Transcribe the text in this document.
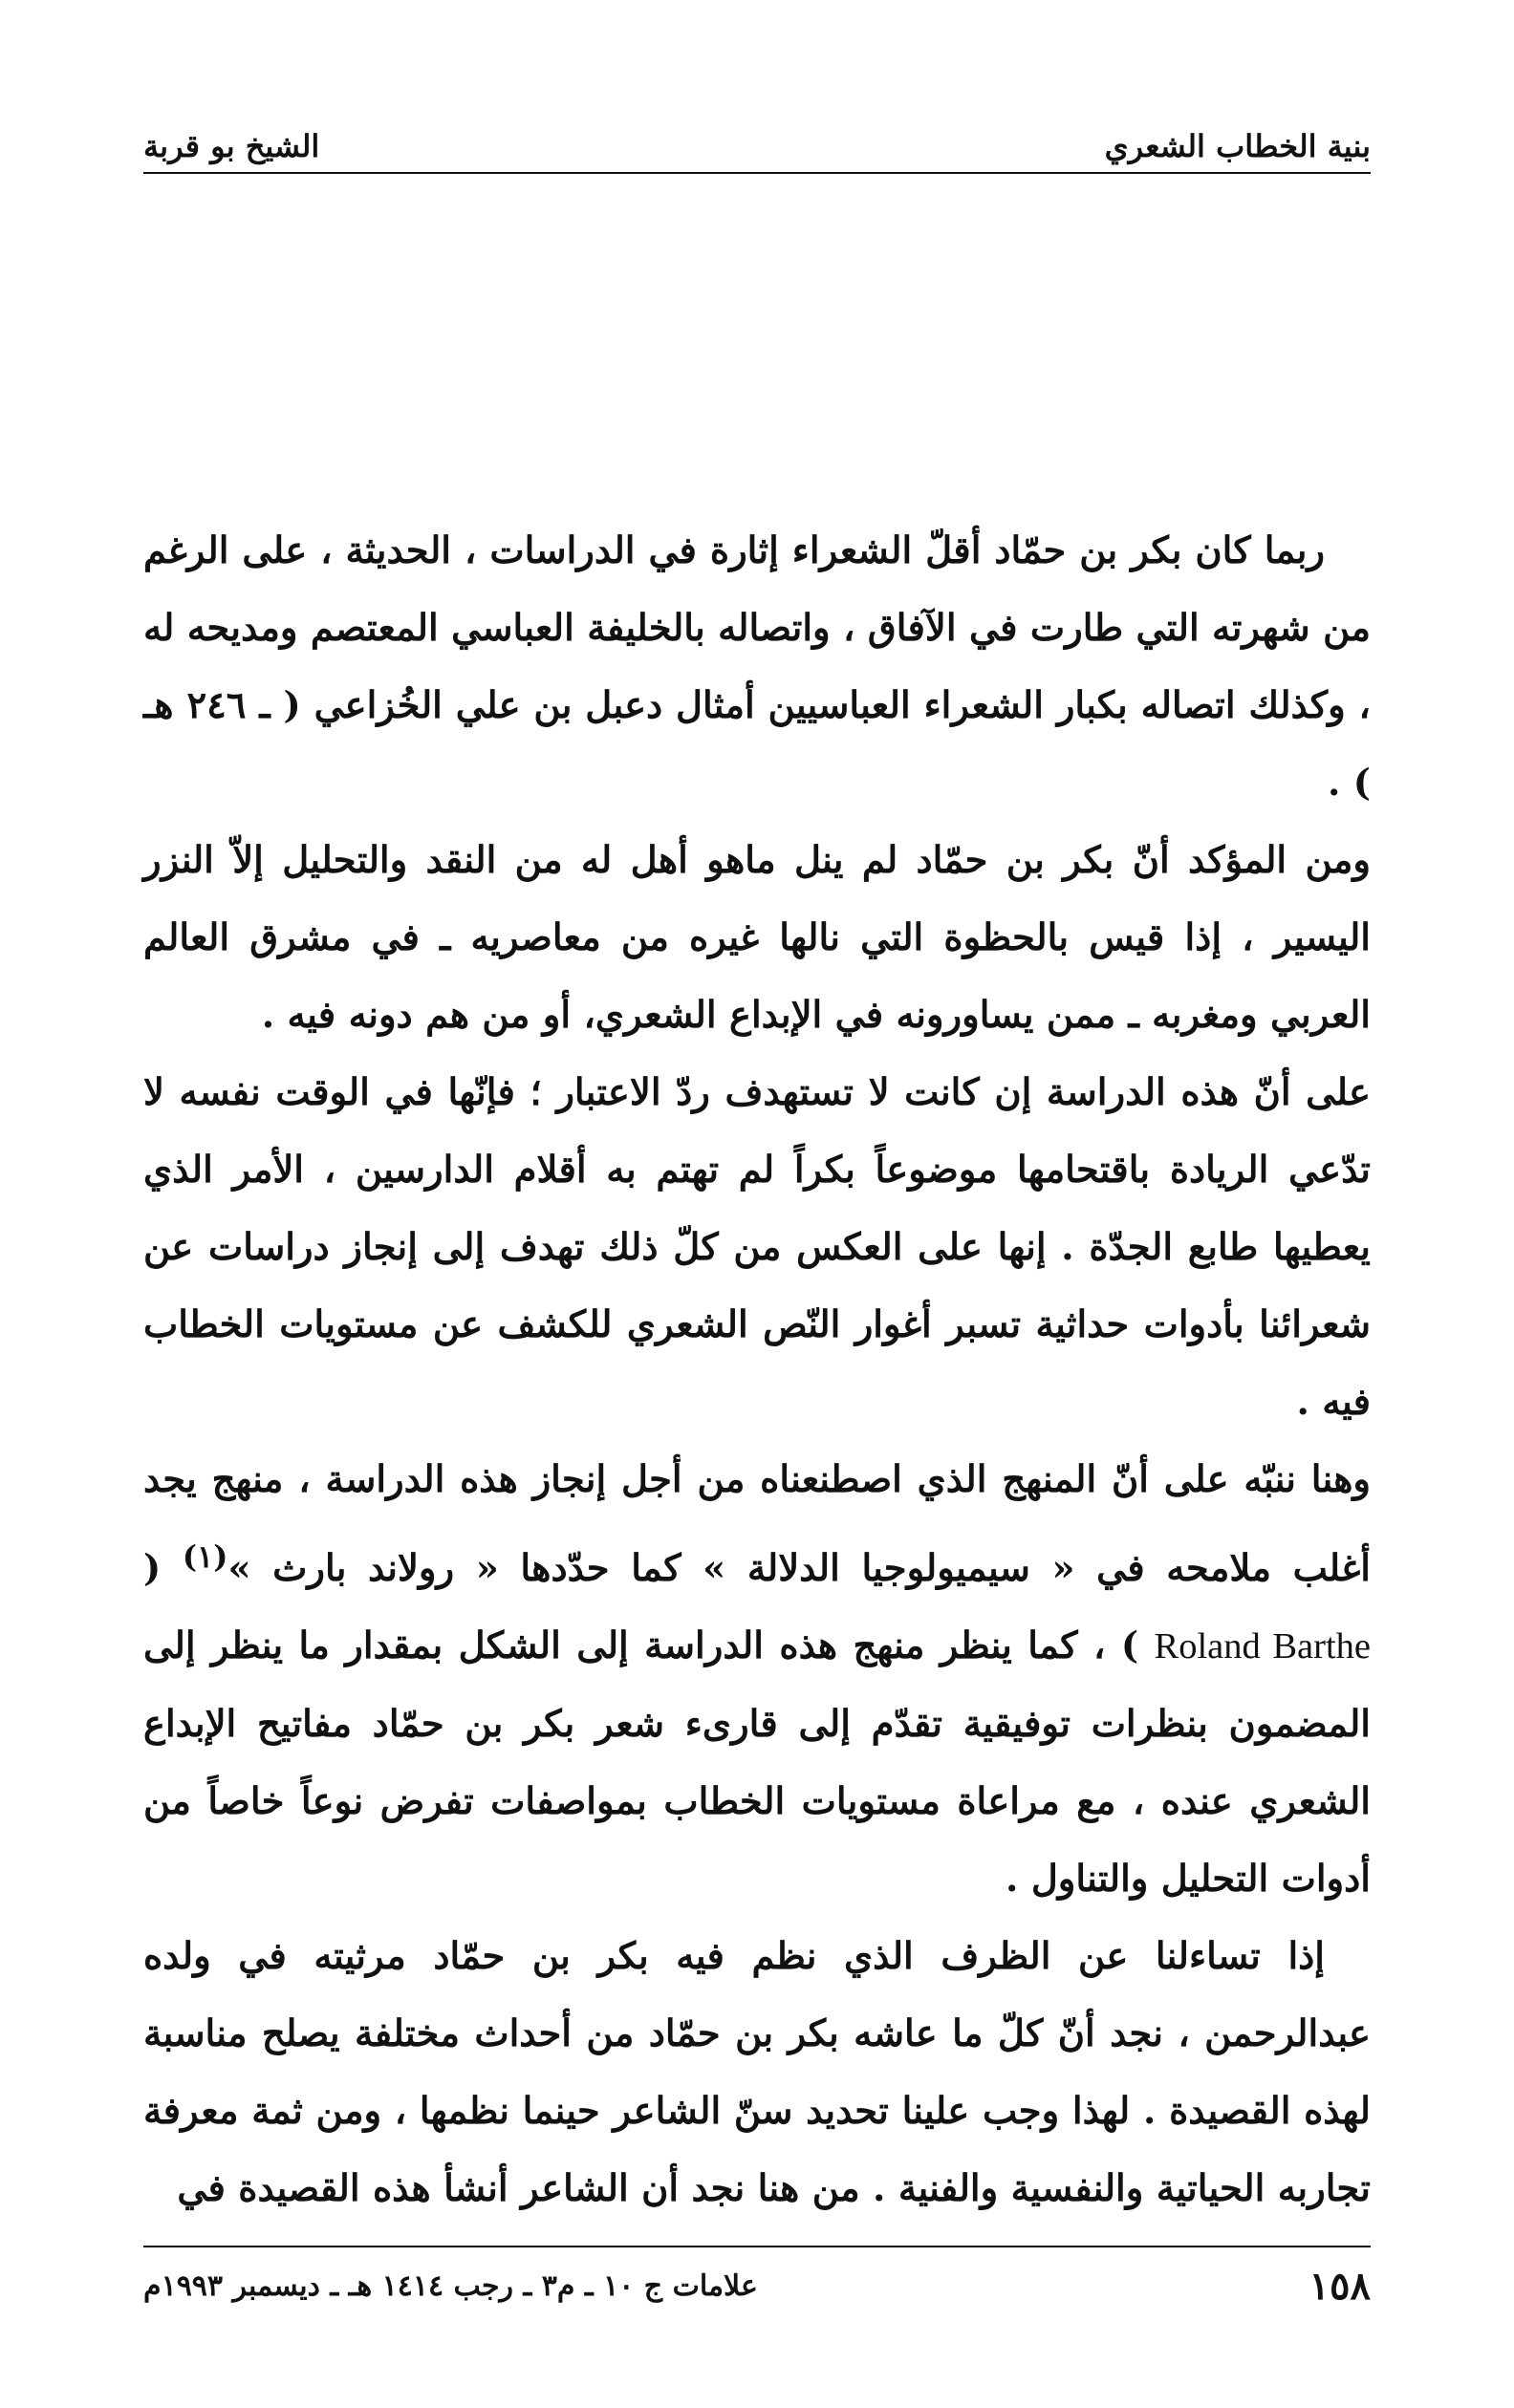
بنية الخطاب الشعري
الشيخ بو قربة

ربما كان بكر بن حمّاد أقلّ الشعراء إثارة في الدراسات ، الحديثة ، على الرغم من شهرته التي طارت في الآفاق ، واتصاله بالخليفة العباسي المعتصم ومديحه له ، وكذلك اتصاله بكبار الشعراء العباسيين أمثال دعبل بن علي الخُزاعي ( ـ ٢٤٦ هـ ) .

ومن المؤكد أنّ بكر بن حمّاد لم ينل ماهو أهل له من النقد والتحليل إلاّ النزر اليسير ، إذا قيس بالحظوة التي نالها غيره من معاصريه ـ في مشرق العالم العربي ومغربه ـ ممن يساورونه في الإبداع الشعري، أو من هم دونه فيه .

على أنّ هذه الدراسة إن كانت لا تستهدف ردّ الاعتبار ؛ فإنّها في الوقت نفسه لا تدّعي الريادة باقتحامها موضوعاً بكراً لم تهتم به أقلام الدارسين ، الأمر الذي يعطيها طابع الجدّة . إنها على العكس من كلّ ذلك تهدف إلى إنجاز دراسات عن شعرائنا بأدوات حداثية تسبر أغوار النّص الشعري للكشف عن مستويات الخطاب فيه .

وهنا ننبّه على أنّ المنهج الذي اصطنعناه من أجل إنجاز هذه الدراسة ، منهج يجد أغلب ملامحه في « سيميولوجيا الدلالة » كما حدّدها « رولاند بارث »$^{(١)}$ ( Roland Barthe ) ، كما ينظر منهج هذه الدراسة إلى الشكل بمقدار ما ينظر إلى المضمون بنظرات توفيقية تقدّم إلى قارىء شعر بكر بن حمّاد مفاتيح الإبداع الشعري عنده ، مع مراعاة مستويات الخطاب بمواصفات تفرض نوعاً خاصاً من أدوات التحليل والتناول .

إذا تساءلنا عن الظرف الذي نظم فيه بكر بن حمّاد مرثيته في ولده عبدالرحمن ، نجد أنّ كلّ ما عاشه بكر بن حمّاد من أحداث مختلفة يصلح مناسبة لهذه القصيدة . لهذا وجب علينا تحديد سنّ الشاعر حينما نظمها ، ومن ثمة معرفة تجاربه الحياتية والنفسية والفنية . من هنا نجد أن الشاعر أنشأ هذه القصيدة في

١٥٨
علامات ج ١٠ ـ م٣ ـ رجب ١٤١٤ هـ ـ ديسمبر ١٩٩٣م
